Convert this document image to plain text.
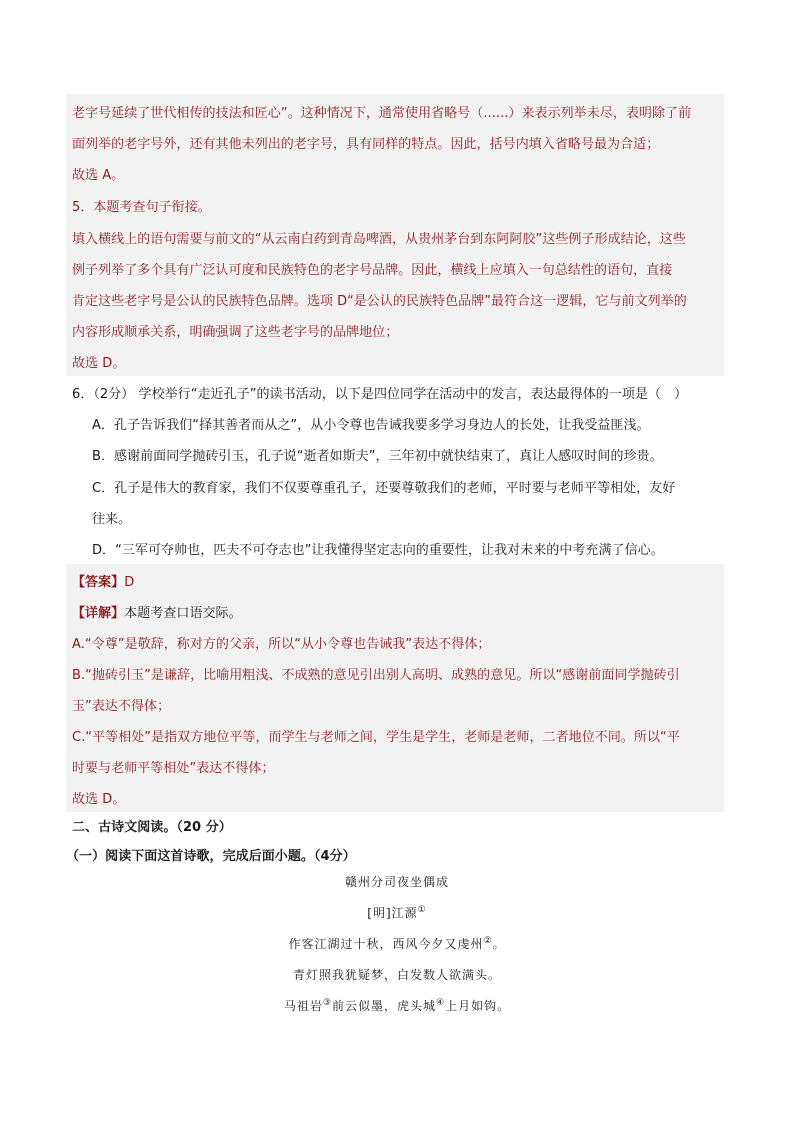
老字号延续了世代相传的技法和匠心”。这种情况下，通常使用省略号（......）来表示列举未尽，表明除了前
面列举的老字号外，还有其他未列出的老字号，具有同样的特点。因此，括号内填入省略号最为合适；
故选 A。
5．本题考查句子衔接。
填入横线上的语句需要与前文的“从云南白药到青岛啤酒，从贵州茅台到东阿阿胶”这些例子形成结论，这些
例子列举了多个具有广泛认可度和民族特色的老字号品牌。因此，横线上应填入一句总结性的语句，直接
肯定这些老字号是公认的民族特色品牌。选项 D“是公认的民族特色品牌”最符合这一逻辑，它与前文列举的
内容形成顺承关系，明确强调了这些老字号的品牌地位；
故选 D。
6．（2分） 学校举行“走近孔子”的读书活动，以下是四位同学在活动中的发言，表达最得体的一项是（　）
A．孔子告诉我们“择其善者而从之”，从小令尊也告诫我要多学习身边人的长处，让我受益匪浅。
B．感谢前面同学抛砖引玉，孔子说“逝者如斯夫”，三年初中就快结束了，真让人感叹时间的珍贵。
C．孔子是伟大的教育家，我们不仅要尊重孔子，还要尊敬我们的老师，平时要与老师平等相处，友好
往来。
D．“三军可夺帅也，匹夫不可夺志也”让我懂得坚定志向的重要性，让我对未来的中考充满了信心。
【答案】D
【详解】本题考查口语交际。
A.“令尊”是敬辞，称对方的父亲，所以“从小令尊也告诫我”表达不得体；
B.“抛砖引玉”是谦辞，比喻用粗浅、不成熟的意见引出别人高明、成熟的意见。所以“感谢前面同学抛砖引
玉”表达不得体；
C.“平等相处”是指双方地位平等，而学生与老师之间，学生是学生，老师是老师，二者地位不同。所以“平
时要与老师平等相处”表达不得体；
故选 D。
二、古诗文阅读。（20 分）
（一）阅读下面这首诗歌，完成后面小题。（4分）
赣州分司夜坐偶成
[明]江源①
作客江湖过十秋，西风今夕又虔州②。
青灯照我犹疑梦，白发数人欲满头。
马祖岩③前云似墨，虎头城④上月如钩。
